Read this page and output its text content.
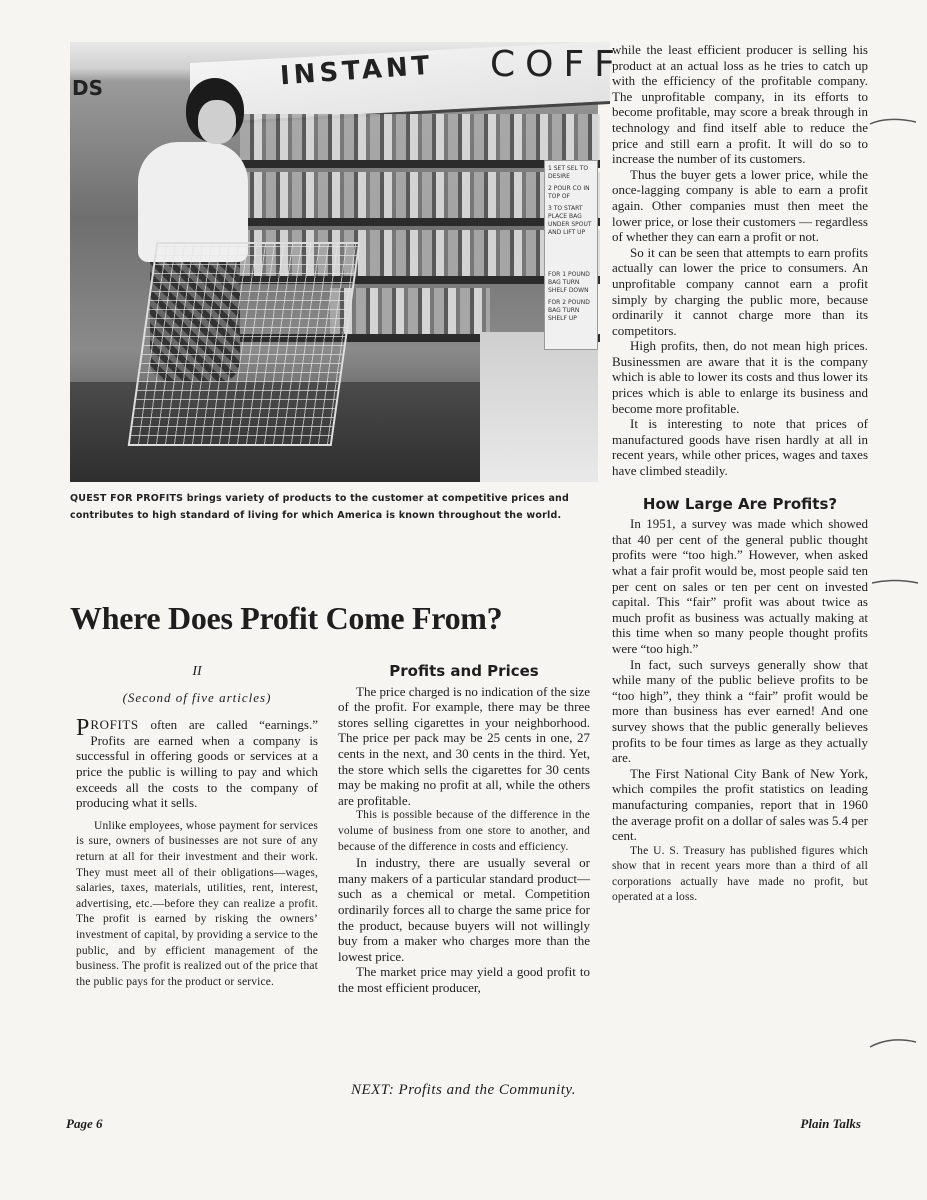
DS	INSTANT COFF
1 SET SEL TO DESIRE
2 POUR CO IN TOP OF
3 TO START PLACE BAG UNDER SPOUT AND LIFT UP
FOR 1 POUND BAG TURN SHELF DOWN
FOR 2 POUND BAG TURN SHELF UP
QUEST FOR PROFITS brings variety of products to the customer at competitive prices and contributes to high standard of living for which America is known throughout the world.
Where Does Profit Come From?
II
(Second of five articles)

PROFITS often are called “earnings.” Profits are earned when a company is successful in offering goods or services at a price the public is willing to pay and which exceeds all the costs to the company of producing what it sells.

Unlike employees, whose payment for services is sure, owners of businesses are not sure of any return at all for their investment and their work. They must meet all of their obligations—wages, salaries, taxes, materials, utilities, rent, interest, advertising, etc.—before they can realize a profit. The profit is earned by risking the owners’ investment of capital, by providing a service to the public, and by efficient management of the business. The profit is realized out of the price that the public pays for the product or service.

Profits and Prices

The price charged is no indication of the size of the profit. For example, there may be three stores selling cigarettes in your neighborhood. The price per pack may be 25 cents in one, 27 cents in the next, and 30 cents in the third. Yet, the store which sells the cigarettes for 30 cents may be making no profit at all, while the others are profitable.

This is possible because of the difference in the volume of business from one store to another, and because of the difference in costs and efficiency.

In industry, there are usually several or many makers of a particular standard product—such as a chemical or metal. Competition ordinarily forces all to charge the same price for the product, because buyers will not willingly buy from a maker who charges more than the lowest price.

The market price may yield a good profit to the most efficient producer,

while the least efficient producer is selling his product at an actual loss as he tries to catch up with the efficiency of the profitable company. The unprofitable company, in its efforts to become profitable, may score a break through in technology and find itself able to reduce the price and still earn a profit. It will do so to increase the number of its customers.

Thus the buyer gets a lower price, while the once-lagging company is able to earn a profit again. Other companies must then meet the lower price, or lose their customers — regardless of whether they can earn a profit or not.

So it can be seen that attempts to earn profits actually can lower the price to consumers. An unprofitable company cannot earn a profit simply by charging the public more, because ordinarily it cannot charge more than its competitors.

High profits, then, do not mean high prices. Businessmen are aware that it is the company which is able to lower its costs and thus lower its prices which is able to enlarge its business and become more profitable.

It is interesting to note that prices of manufactured goods have risen hardly at all in recent years, while other prices, wages and taxes have climbed steadily.

How Large Are Profits?

In 1951, a survey was made which showed that 40 per cent of the general public thought profits were “too high.” However, when asked what a fair profit would be, most people said ten per cent on sales or ten per cent on invested capital. This “fair” profit was about twice as much profit as business was actually making at this time when so many people thought profits were “too high.”

In fact, such surveys generally show that while many of the public believe profits to be “too high”, they think a “fair” profit would be more than business has ever earned! And one survey shows that the public generally believes profits to be four times as large as they actually are.

The First National City Bank of New York, which compiles the profit statistics on leading manufacturing companies, report that in 1960 the average profit on a dollar of sales was 5.4 per cent.

The U. S. Treasury has published figures which show that in recent years more than a third of all corporations actually have made no profit, but operated at a loss.

NEXT: Profits and the Community.
Page 6	Plain Talks
